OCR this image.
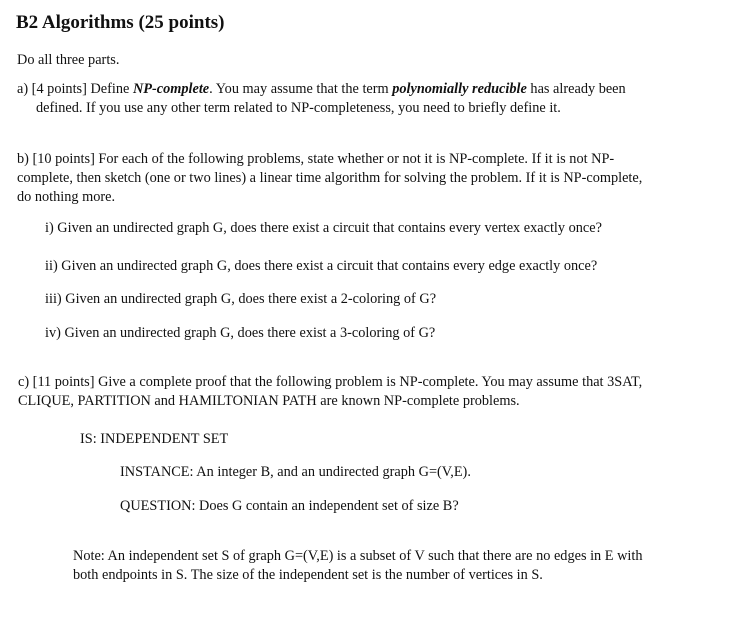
B2 Algorithms (25 points)
Do all three parts.
a) [4 points] Define NP-complete. You may assume that the term polynomially reducible has already been
defined. If you use any other term related to NP-completeness, you need to briefly define it.
b) [10 points] For each of the following problems, state whether or not it is NP-complete. If it is not NP-
complete, then sketch (one or two lines) a linear time algorithm for solving the problem. If it is NP-complete,
do nothing more.
i) Given an undirected graph G, does there exist a circuit that contains every vertex exactly once?
ii) Given an undirected graph G, does there exist a circuit that contains every edge exactly once?
iii) Given an undirected graph G, does there exist a 2-coloring of G?
iv) Given an undirected graph G, does there exist a 3-coloring of G?
c) [11 points] Give a complete proof that the following problem is NP-complete. You may assume that 3SAT,
CLIQUE, PARTITION and HAMILTONIAN PATH are known NP-complete problems.
IS: INDEPENDENT SET
INSTANCE: An integer B, and an undirected graph G=(V,E).
QUESTION: Does G contain an independent set of size B?
Note: An independent set S of graph G=(V,E) is a subset of V such that there are no edges in E with
both endpoints in S. The size of the independent set is the number of vertices in S.
